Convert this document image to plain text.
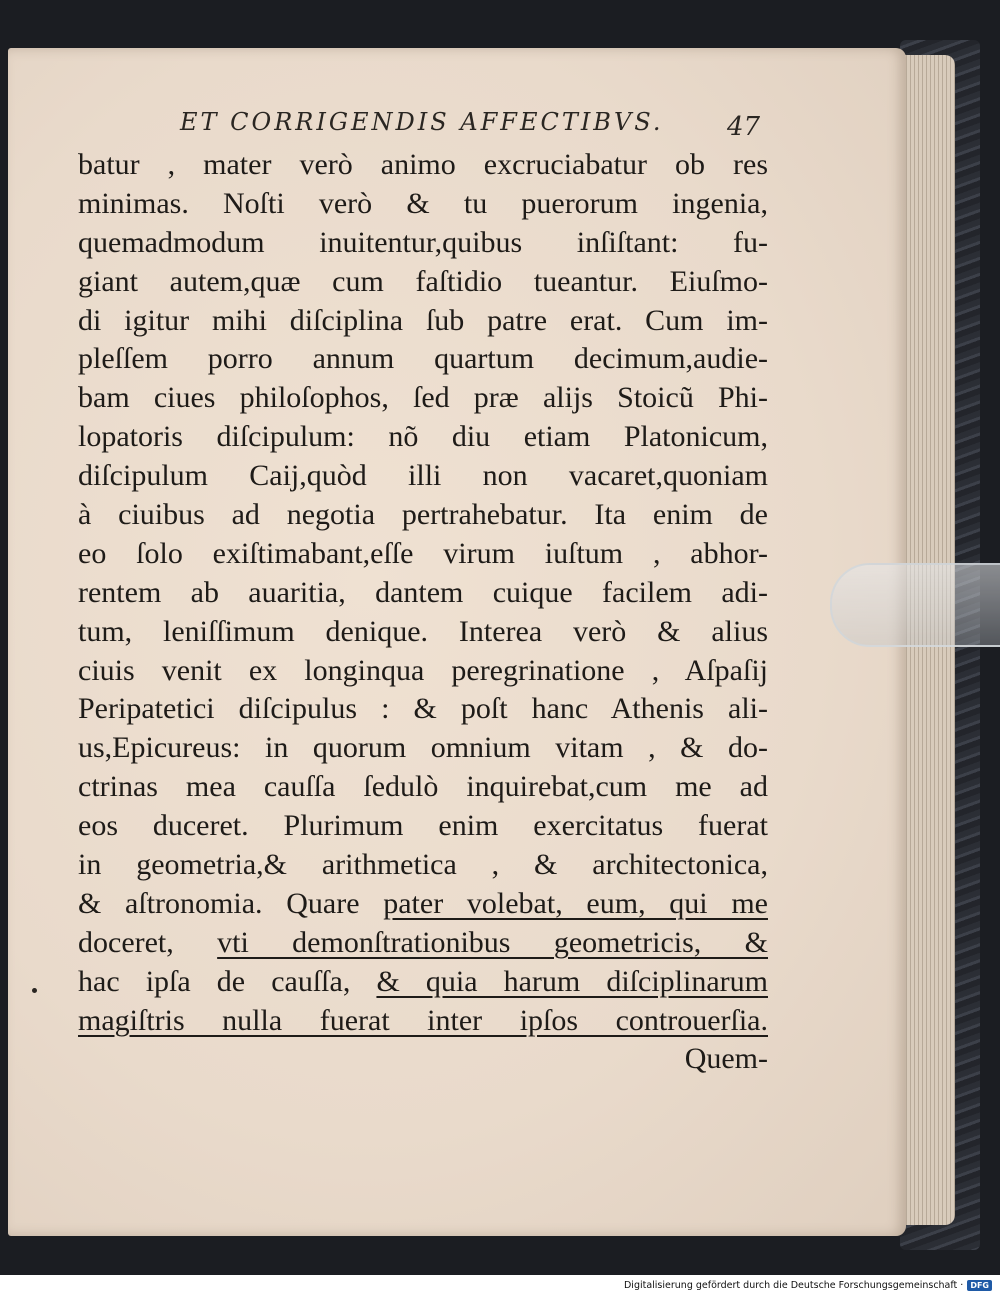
ET CORRIGENDIS AFFECTIBVS. 47
batur , mater verò animo excruciabatur ob res
minimas. Noſti verò & tu puerorum ingenia,
quemadmodum inuitentur,quibus inſiſtant: fu-
giant autem,quæ cum faſtidio tueantur. Eiuſmo-
di igitur mihi diſciplina ſub patre erat. Cum im-
pleſſem porro annum quartum decimum,audie-
bam ciues philoſophos, ſed præ alijs Stoicũ Phi-
lopatoris diſcipulum: nõ diu etiam Platonicum,
diſcipulum Caij,quòd illi non vacaret,quoniam
à ciuibus ad negotia pertrahebatur. Ita enim de
eo ſolo exiſtimabant,eſſe virum iuſtum , abhor-
rentem ab auaritia, dantem cuique facilem adi-
tum, leniſſimum denique. Interea verò & alius
ciuis venit ex longinqua peregrinatione , Aſpaſij
Peripatetici diſcipulus : & poſt hanc Athenis ali-
us,Epicureus: in quorum omnium vitam , & do-
ctrinas mea cauſſa ſedulò inquirebat,cum me ad
eos duceret. Plurimum enim exercitatus fuerat
in geometria,& arithmetica , & architectonica,
& aſtronomia. Quare pater volebat, eum, qui me
doceret, vti demonſtrationibus geometricis, &
hac ipſa de cauſſa, & quia harum diſciplinarum
magiſtris nulla fuerat inter ipſos controuerſia.
Quem-
Digitalisierung gefördert durch die Deutsche Forschungsgemeinschaft · DFG
